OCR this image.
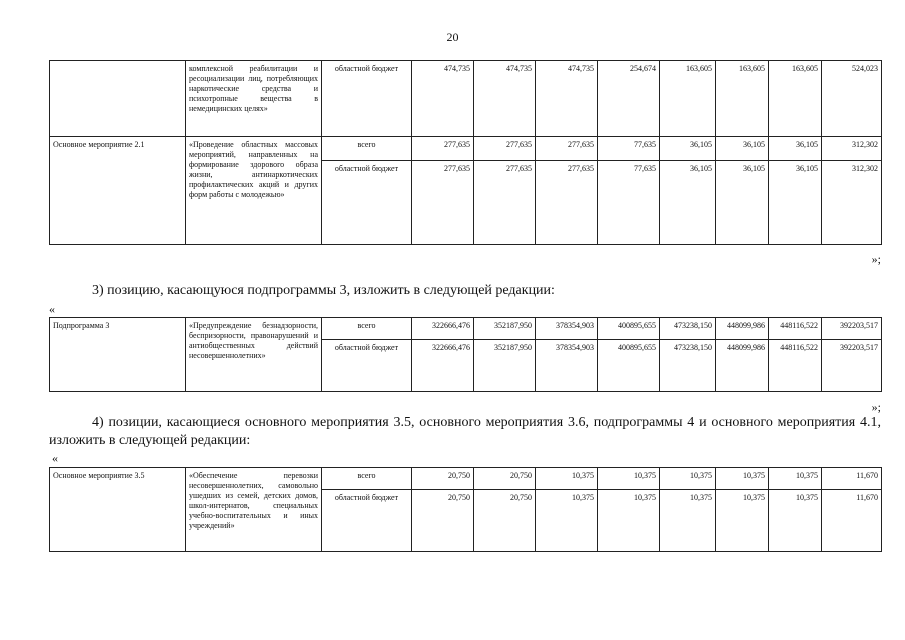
20
	комплексной реабилитации и ресоциализации лиц, потребляющих наркотические средства и психотропные вещества в немедицинских целях»	областной бюджет	474,735	474,735	474,735	254,674	163,605	163,605	163,605	524,023
Основное мероприятие 2.1	«Проведение областных массовых мероприятий, направленных на формирование здорового образа жизни, антинаркотических профилактических акций и других форм работы с молодежью»	всего	277,635	277,635	277,635	77,635	36,105	36,105	36,105	312,302
		областной бюджет	277,635	277,635	277,635	77,635	36,105	36,105	36,105	312,302
»;
3) позицию, касающуюся подпрограммы 3, изложить в следующей редакции:
«
Подпрограмма 3	«Предупреждение безнадзорности, беспризорности, правонарушений и антиобщественных действий несовершеннолетних»	всего	322666,476	352187,950	378354,903	400895,655	473238,150	448099,986	448116,522	392203,517
		областной бюджет	322666,476	352187,950	378354,903	400895,655	473238,150	448099,986	448116,522	392203,517
»;
4) позиции, касающиеся основного мероприятия 3.5, основного мероприятия 3.6, подпрограммы 4 и основного мероприятия 4.1, изложить в следующей редакции:
«
Основное мероприятие 3.5	«Обеспечение перевозки несовершеннолетних, самовольно ушедших из семей, детских домов, школ-интернатов, специальных учебно-воспитательных и иных учреждений»	всего	20,750	20,750	10,375	10,375	10,375	10,375	10,375	11,670
		областной бюджет	20,750	20,750	10,375	10,375	10,375	10,375	10,375	11,670
